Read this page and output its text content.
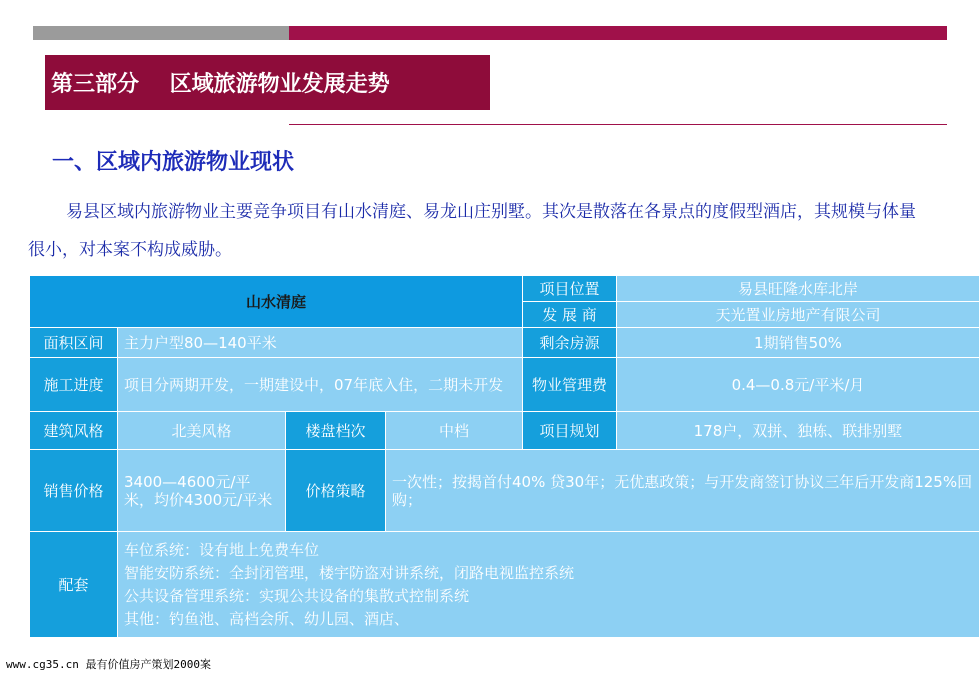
第三部分    区域旅游物业发展走势
一、区域内旅游物业现状
易县区域内旅游物业主要竞争项目有山水清庭、易龙山庄别墅。其次是散落在各景点的度假型酒店，其规模与体量很小，对本案不构成威胁。
山水清庭				项目位置	易县旺隆水库北岸
				发 展 商	天光置业房地产有限公司
面积区间	主力户型80—140平米			剩余房源	1期销售50%
施工进度	项目分两期开发，一期建设中，07年底入住，二期未开发			物业管理费	0.4—0.8元/平米/月
建筑风格	北美风格	楼盘档次	中档	项目规划	178户，双拼、独栋、联排别墅
销售价格	3400—4600元/平米，均价4300元/平米	价格策略	一次性；按揭首付40% 贷30年；无优惠政策；与开发商签订协议三年后开发商125%回购；		
配套	车位系统：设有地上免费车位
智能安防系统：全封闭管理，楼宇防盗对讲系统，闭路电视监控系统
公共设备管理系统：实现公共设备的集散式控制系统
其他：钓鱼池、高档会所、幼儿园、酒店、				
www.cg35.cn 最有价值房产策划2000案
